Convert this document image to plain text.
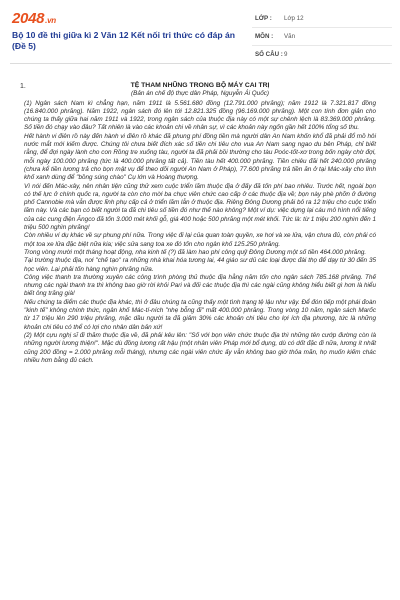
2048.vn
Bộ 10 đề thi giữa kì 2 Văn 12 Kết nối tri thức có đáp án (Đề 5)
LỚP : Lớp 12
MÔN : Văn
SỐ CÂU : 9
1.	TỆ THAM NHŨNG TRONG BỘ MÁY CAI TRỊ
(Bản án chế độ thực dân Pháp, Nguyễn Ái Quốc)

(1) Ngân sách Nam kì chẳng hạn, năm 1911 là 5.561.680 đồng (12.791.000 phrăng); năm 1912 là 7.321.817 đồng (16.840.000 phrăng). Năm 1922, ngân sách đó lên tới 12.821.325 đồng (96.169.000 phrăng). Một con tính đơn giản cho chúng ta thấy giữa hai năm 1911 và 1922, trong ngân sách của thuộc địa này có một sự chênh lệch là 83.369.000 phrăng. Số tiền đó chạy vào đâu? Tất nhiên là vào các khoản chi về nhân sự, vì các khoản này ngốn gần hết 100% tổng số thu.

Hết hành vi điên rồ này đến hành vi điên rồ khác đã phung phí đồng tiền mà người dân An Nam khốn khổ đã phải đổ mồ hôi nước mắt mới kiếm được. Chúng tôi chưa biết đích xác số tiền chi tiêu cho vua An Nam sang ngao du bên Pháp, chỉ biết rằng, để đợi ngày lành cho con Rồng tre xuống tàu, người ta đã phải bồi thường cho tàu Poóc-tốt-xơ trong bốn ngày chờ đợi, mỗi ngày 100.000 phrăng (tức là 400.000 phrăng tất cả). Tiền tàu hết 400.000 phrăng. Tiền chiêu đãi hết 240.000 phrăng (chưa kể tiền lương trả cho bọn mật vụ để theo dõi người An Nam ở Pháp), 77.600 phrăng trả tiền ăn ở tại Mác-xây cho lính khố xanh dùng để "bồng súng chào" Cụ lớn và Hoàng thượng.

Vì nói đến Mác-xây, nên nhân tiện cũng thử xem cuộc triển lãm thuộc địa ở đấy đã tốn phí bao nhiêu. Trước hết, ngoài bọn có thế lực ở chính quốc ra, người ta còn cho mời ba chục viên chức cao cấp ở các thuộc địa về; bọn này phè phỡn ở đường phố Cannobie mà vẫn được lĩnh phụ cấp cả ở triển lãm lẫn ở thuộc địa. Riêng Đông Dương phải bỏ ra 12 triệu cho cuộc triển lãm này. Và các bạn có biết người ta đã chi tiêu số tiền đó như thế nào không? Một ví dụ: việc dựng lại cáu mô hình nổi tiếng của các cung điện Ăngco đã tốn 3.000 mét khối gỗ, giá 400 hoặc 500 phrăng một mét khối. Tức là: từ 1 triệu 200 nghìn đến 1 triệu 500 nghìn phrăng!

Còn nhiều ví dụ khác về sự phung phí nữa. Trong việc đi lại của quan toàn quyền, xe hơi và xe lửa, vận chưa đủ, còn phải có một toa xe lửa đặc biệt nữa kia; việc sửa sang toa xe đó tốn cho ngân khố 125.250 phrăng.

Trong vòng mười một tháng hoạt động, nha kinh tế (?) đã làm hao phí công quỹ Đông Dương một số tiền 464.000 phrăng.

Tại trường thuộc địa, nơi "chế tạo" ra những nhà khai hóa tương lai, 44 giáo sư dủ các loại được đài thọ để dạy từ 30 đến 35 học viên. Lại phải tốn hàng nghìn phrăng nữa.

Công việc thanh tra thường xuyên các công trình phòng thủ thuộc địa hằng năm tốn cho ngân sách 785.168 phrăng. Thế nhưng các ngài thanh tra thì không bao giờ rời khỏi Pari và đối các thuộc địa thì các ngài cũng không hiểu biết gì hơn là hiểu biết ông trăng già!

Nếu chúng ta điểm các thuộc địa khác, thì ở đâu chúng ta cũng thấy một tình trạng tệ lậu như vậy. Để đón tiếp một phái đoàn "kinh tế" không chính thức, ngân khố Mác-tí-ních "nhẹ bỗng đi" mất 400.000 phrăng. Trong vòng 10 năm, ngân sách Marốc từ 17 triệu lên 290 triệu phrăng, mặc dầu người ta đã giảm 30% các khoản chi tiêu cho lợi ích địa phương, tức là những khoản chi tiêu có thể có lợi cho nhân dân bản xứ!

(2) Một cựu nghị sĩ đi thăm thuộc địa về, đã phải kêu lên: "Số với bọn viên chức thuộc địa thì những tên cướp đường còn là những người lương thiện!". Mặc dù đồng lương rất hậu (một nhân viên Pháp mới bổ dụng, dù có dốt đặc đi nữa, lương ít nhất cũng 200 đồng = 2.000 phrăng mỗi tháng), nhưng các ngài viên chức ấy vẫn không bao giờ thỏa mãn, họ muốn kiếm chác nhiều hơn bằng đủ cách.
